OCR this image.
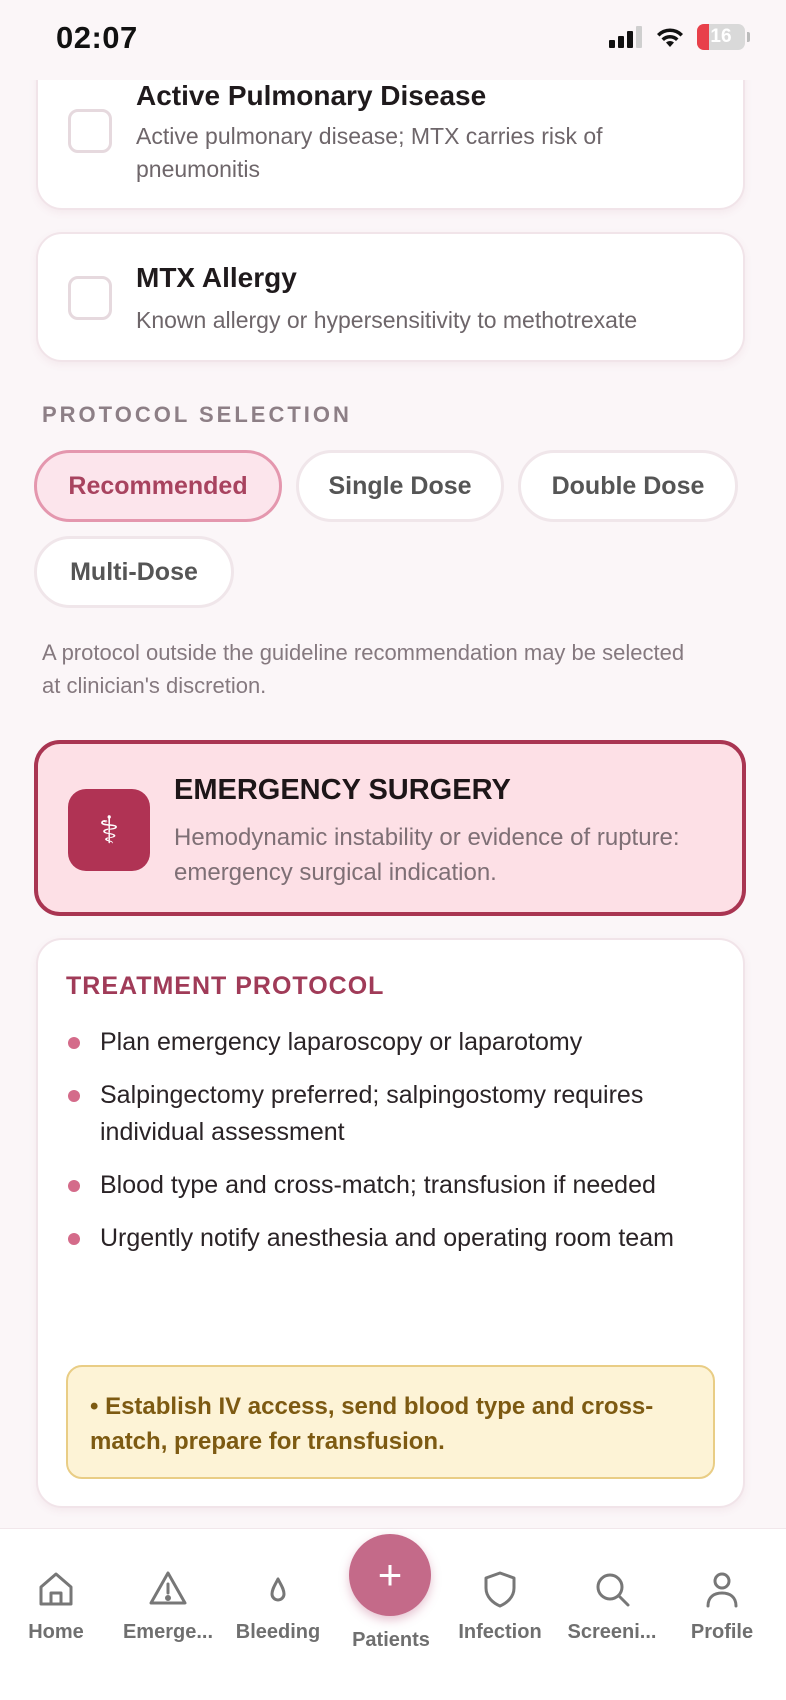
02:07	16
Active Pulmonary Disease
Active pulmonary disease; MTX carries risk of pneumonitis
MTX Allergy
Known allergy or hypersensitivity to methotrexate
PROTOCOL SELECTION
Recommended	Single Dose	Double Dose
Multi-Dose
A protocol outside the guideline recommendation may be selected at clinician's discretion.
⚕
EMERGENCY SURGERY
Hemodynamic instability or evidence of rupture: emergency surgical indication.
TREATMENT PROTOCOL
Plan emergency laparoscopy or laparotomy
Salpingectomy preferred; salpingostomy requires individual assessment
Blood type and cross-match; transfusion if needed
Urgently notify anesthesia and operating room team
• Establish IV access, send blood type and cross-match, prepare for transfusion.
Home	Emerge...	Bleeding	Infection	Screeni...	Profile
+
Patients
